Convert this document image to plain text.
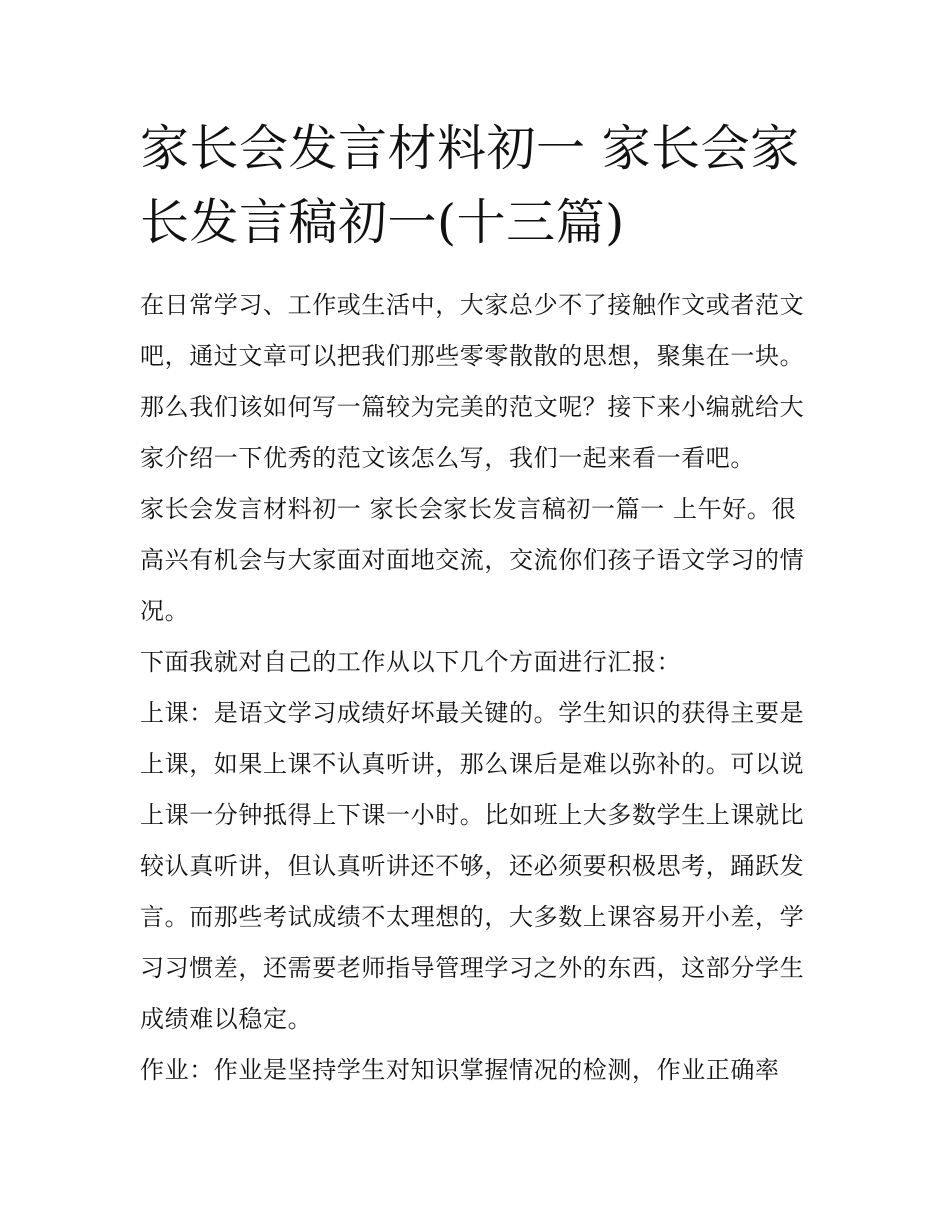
家长会发言材料初一 家长会家
长发言稿初一(十三篇)

在日常学习、工作或生活中，大家总少不了接触作文或者范文
吧，通过文章可以把我们那些零零散散的思想，聚集在一块。
那么我们该如何写一篇较为完美的范文呢？接下来小编就给大
家介绍一下优秀的范文该怎么写，我们一起来看一看吧。

家长会发言材料初一 家长会家长发言稿初一篇一 上午好。很
高兴有机会与大家面对面地交流，交流你们孩子语文学习的情
况。

下面我就对自己的工作从以下几个方面进行汇报：

上课：是语文学习成绩好坏最关键的。学生知识的获得主要是
上课，如果上课不认真听讲，那么课后是难以弥补的。可以说
上课一分钟抵得上下课一小时。比如班上大多数学生上课就比
较认真听讲，但认真听讲还不够，还必须要积极思考，踊跃发
言。而那些考试成绩不太理想的，大多数上课容易开小差，学
习习惯差，还需要老师指导管理学习之外的东西，这部分学生
成绩难以稳定。

作业：作业是坚持学生对知识掌握情况的检测，作业正确率
